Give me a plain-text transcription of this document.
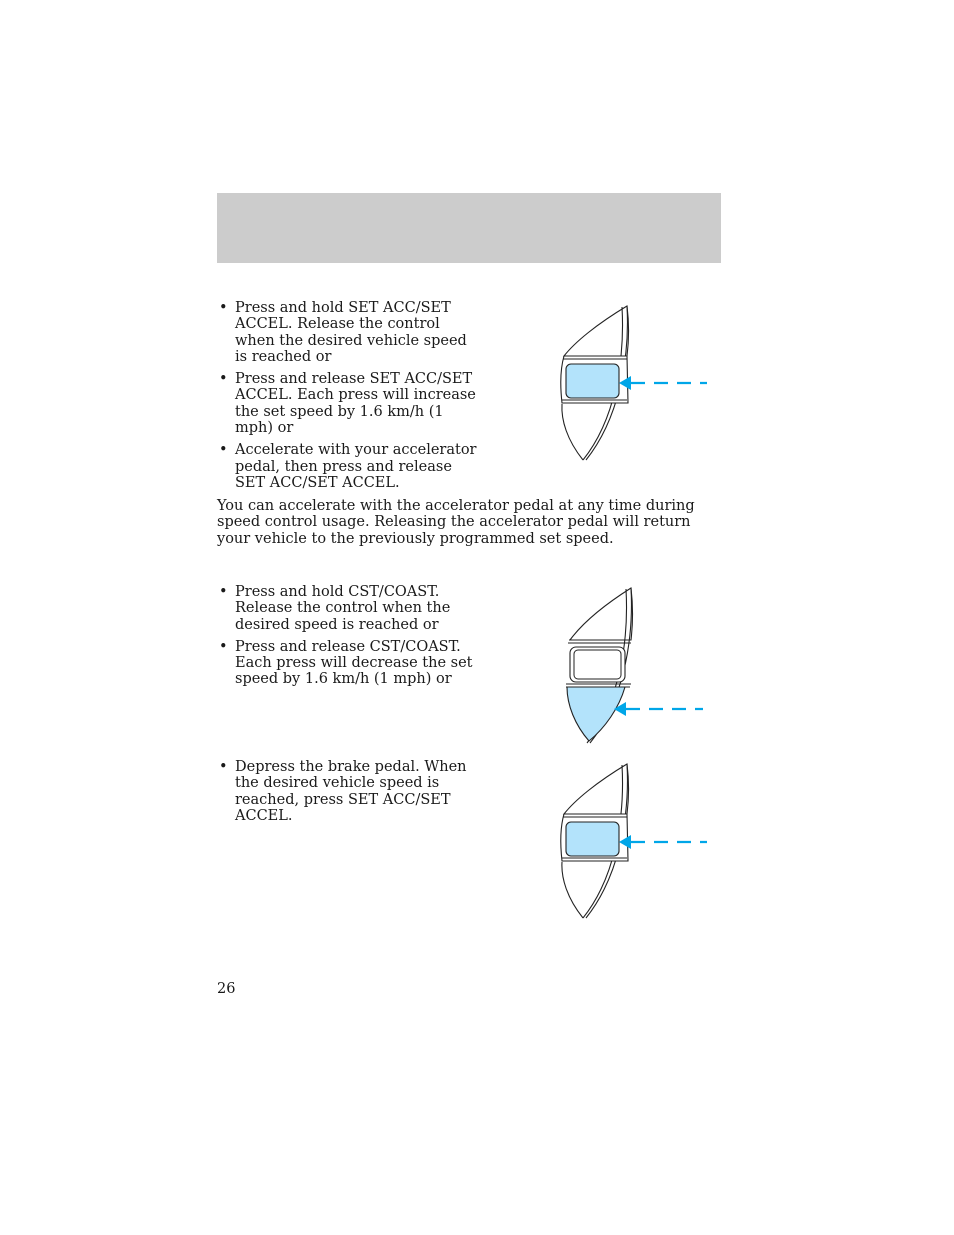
• Press and hold SET ACC/SET ACCEL. Release the control when the desired vehicle speed is reached or
• Press and release SET ACC/SET ACCEL. Each press will increase the set speed by 1.6 km/h (1 mph) or
• Accelerate with your accelerator pedal, then press and release SET ACC/SET ACCEL.

You can accelerate with the accelerator pedal at any time during speed control usage. Releasing the accelerator pedal will return your vehicle to the previously programmed set speed.

• Press and hold CST/COAST. Release the control when the desired speed is reached or
• Press and release CST/COAST. Each press will decrease the set speed by 1.6 km/h (1 mph) or
• Depress the brake pedal. When the desired vehicle speed is reached, press SET ACC/SET ACCEL.

26
